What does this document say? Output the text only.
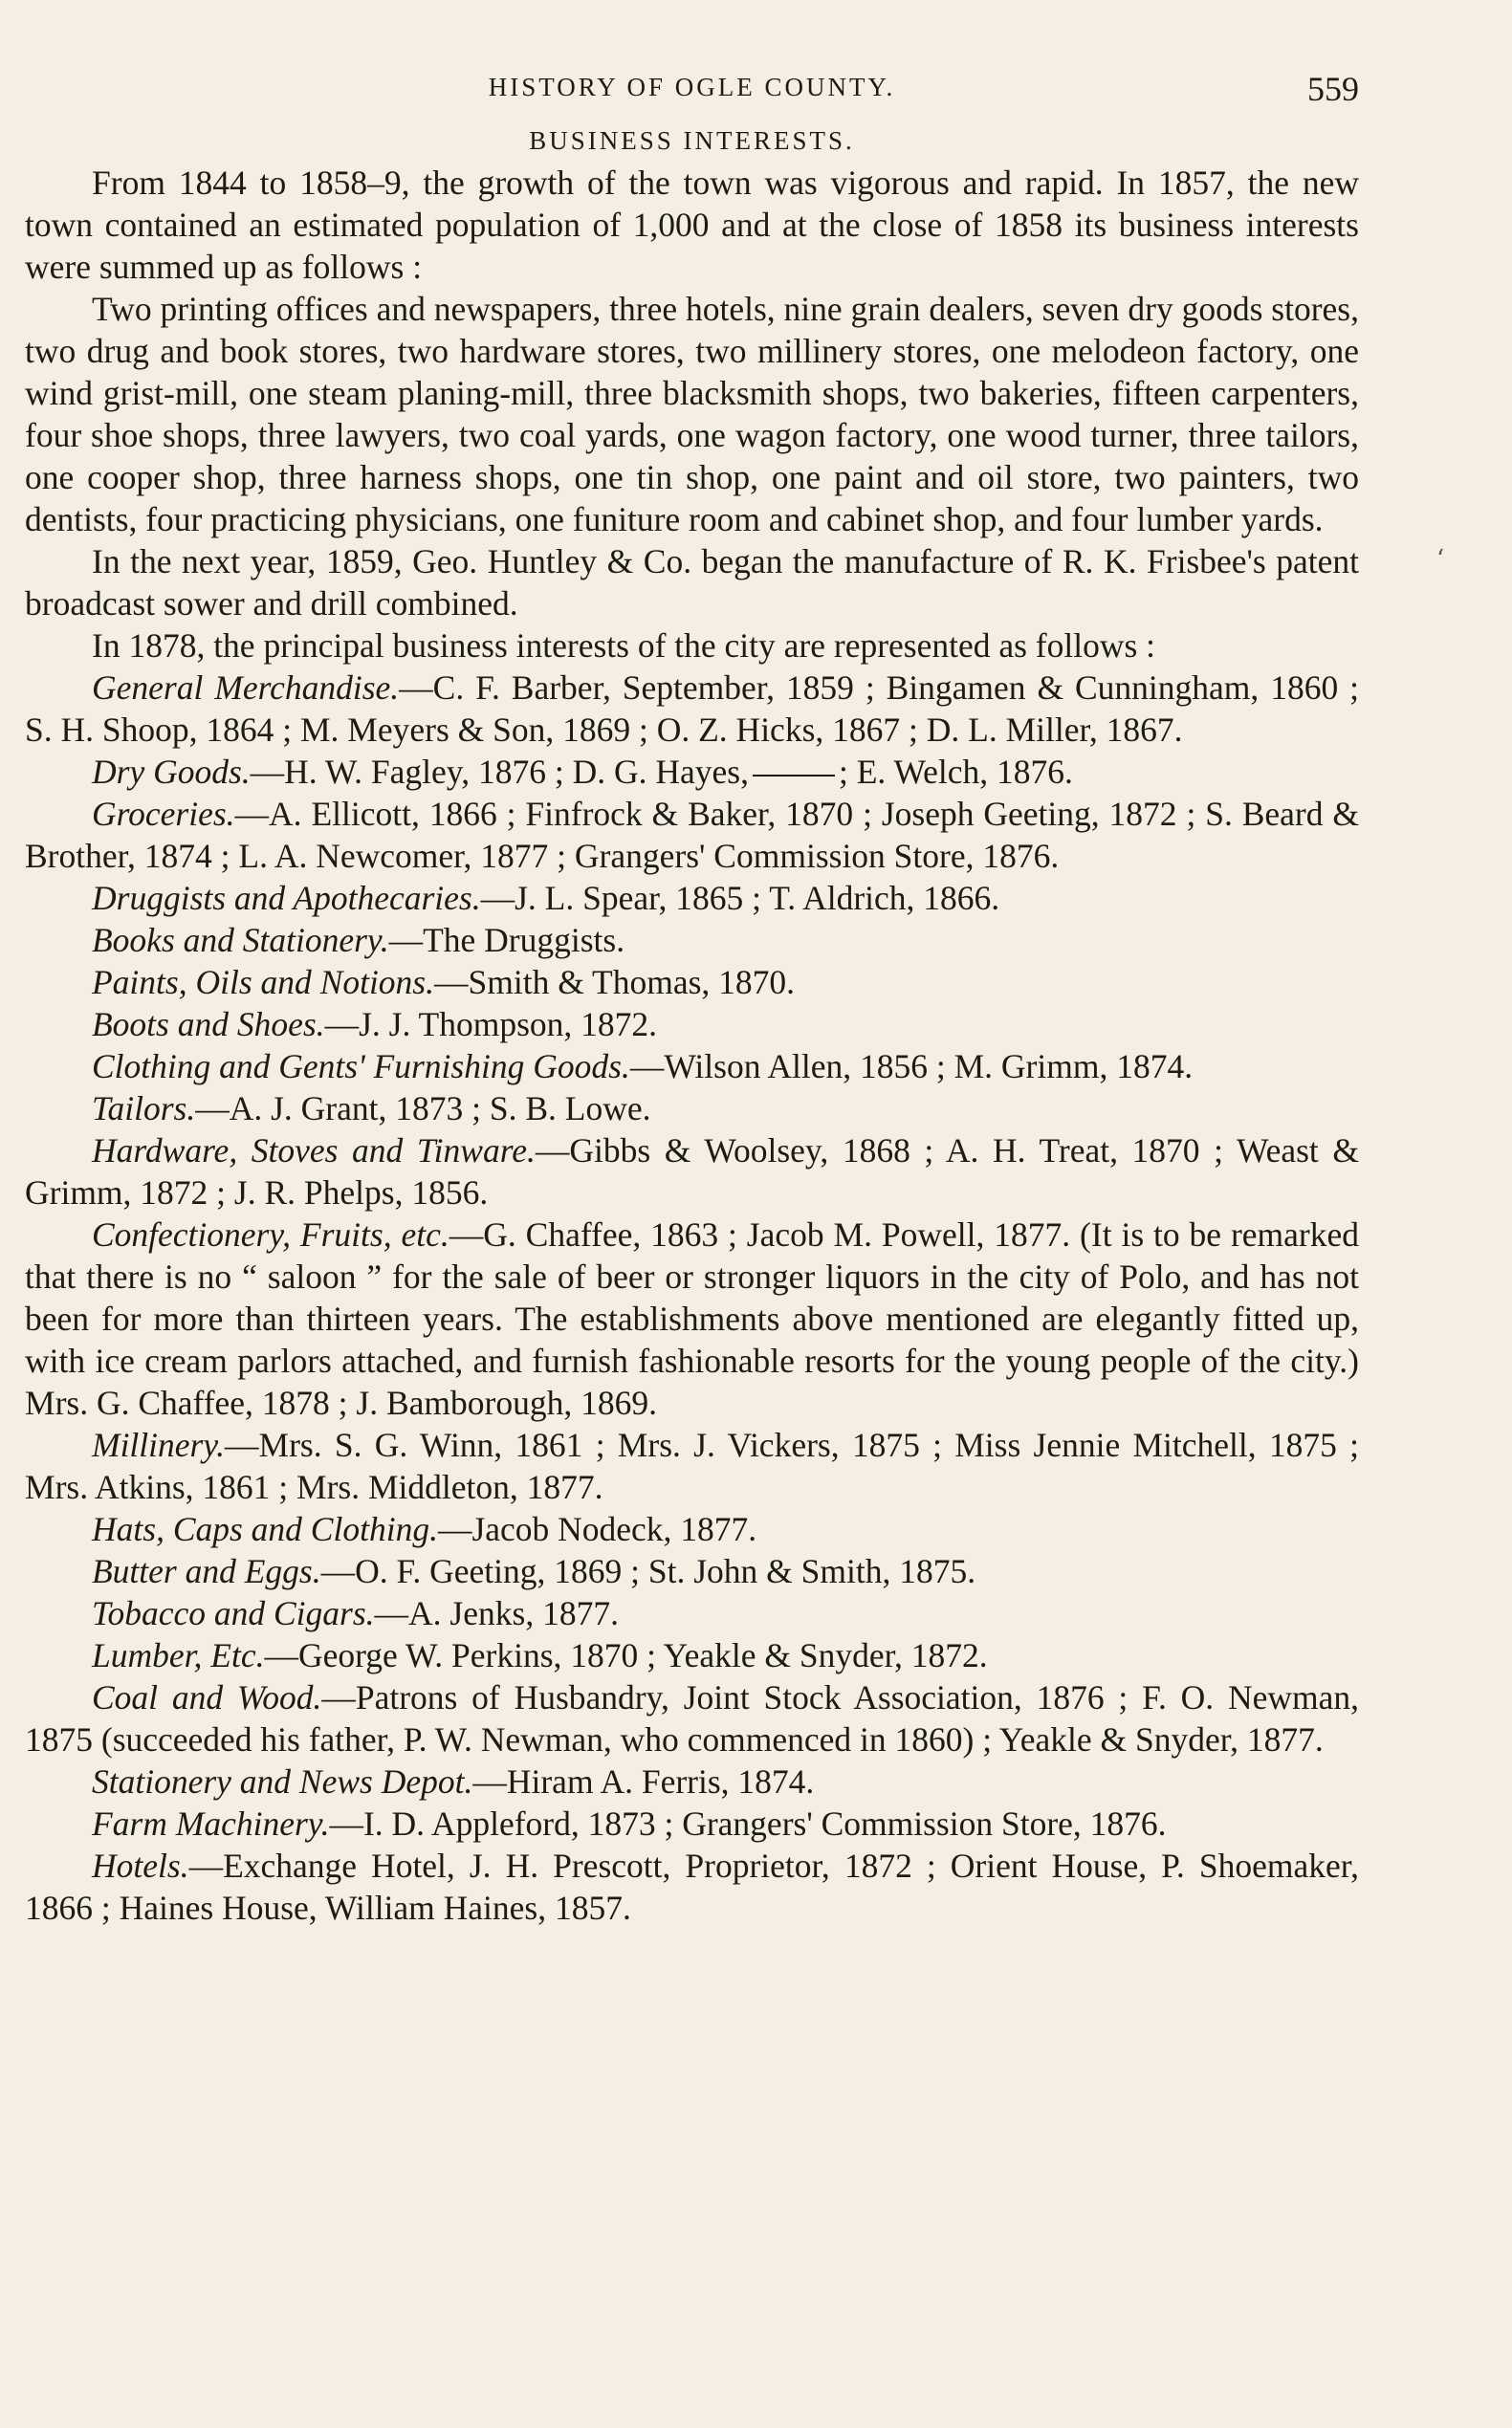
HISTORY OF OGLE COUNTY.	559
BUSINESS INTERESTS.

From 1844 to 1858–9, the growth of the town was vigorous and rapid. In 1857, the new town contained an estimated population of 1,000 and at the close of 1858 its business interests were summed up as follows :

Two printing offices and newspapers, three hotels, nine grain dealers, seven dry goods stores, two drug and book stores, two hardware stores, two millinery stores, one melodeon factory, one wind grist-mill, one steam planing-mill, three blacksmith shops, two bakeries, fifteen carpenters, four shoe shops, three lawyers, two coal yards, one wagon factory, one wood turner, three tailors, one cooper shop, three harness shops, one tin shop, one paint and oil store, two painters, two dentists, four practicing physicians, one funiture room and cabinet shop, and four lumber yards.

In the next year, 1859, Geo. Huntley & Co. began the manufacture of R. K. Frisbee's patent broadcast sower and drill combined.

In 1878, the principal business interests of the city are represented as follows :

General Merchandise.—C. F. Barber, September, 1859 ; Bingamen & Cunningham, 1860 ; S. H. Shoop, 1864 ; M. Meyers & Son, 1869 ; O. Z. Hicks, 1867 ; D. L. Miller, 1867.

Dry Goods.—H. W. Fagley, 1876 ; D. G. Hayes,	; E. Welch, 1876.

Groceries.—A. Ellicott, 1866 ; Finfrock & Baker, 1870 ; Joseph Geeting, 1872 ; S. Beard & Brother, 1874 ; L. A. Newcomer, 1877 ; Grangers' Commission Store, 1876.

Druggists and Apothecaries.—J. L. Spear, 1865 ; T. Aldrich, 1866.

Books and Stationery.—The Druggists.

Paints, Oils and Notions.—Smith & Thomas, 1870.

Boots and Shoes.—J. J. Thompson, 1872.

Clothing and Gents' Furnishing Goods.—Wilson Allen, 1856 ; M. Grimm, 1874.

Tailors.—A. J. Grant, 1873 ; S. B. Lowe.

Hardware, Stoves and Tinware.—Gibbs & Woolsey, 1868 ; A. H. Treat, 1870 ; Weast & Grimm, 1872 ; J. R. Phelps, 1856.

Confectionery, Fruits, etc.—G. Chaffee, 1863 ; Jacob M. Powell, 1877. (It is to be remarked that there is no “ saloon ” for the sale of beer or stronger liquors in the city of Polo, and has not been for more than thirteen years. The establishments above mentioned are elegantly fitted up, with ice cream parlors attached, and furnish fashionable resorts for the young people of the city.) Mrs. G. Chaffee, 1878 ; J. Bamborough, 1869.

Millinery.—Mrs. S. G. Winn, 1861 ; Mrs. J. Vickers, 1875 ; Miss Jennie Mitchell, 1875 ; Mrs. Atkins, 1861 ; Mrs. Middleton, 1877.

Hats, Caps and Clothing.—Jacob Nodeck, 1877.

Butter and Eggs.—O. F. Geeting, 1869 ; St. John & Smith, 1875.

Tobacco and Cigars.—A. Jenks, 1877.

Lumber, Etc.—George W. Perkins, 1870 ; Yeakle & Snyder, 1872.

Coal and Wood.—Patrons of Husbandry, Joint Stock Association, 1876 ; F. O. Newman, 1875 (succeeded his father, P. W. Newman, who commenced in 1860) ; Yeakle & Snyder, 1877.

Stationery and News Depot.—Hiram A. Ferris, 1874.

Farm Machinery.—I. D. Appleford, 1873 ; Grangers' Commission Store, 1876.

Hotels.—Exchange Hotel, J. H. Prescott, Proprietor, 1872 ; Orient House, P. Shoemaker, 1866 ; Haines House, William Haines, 1857.

‘
